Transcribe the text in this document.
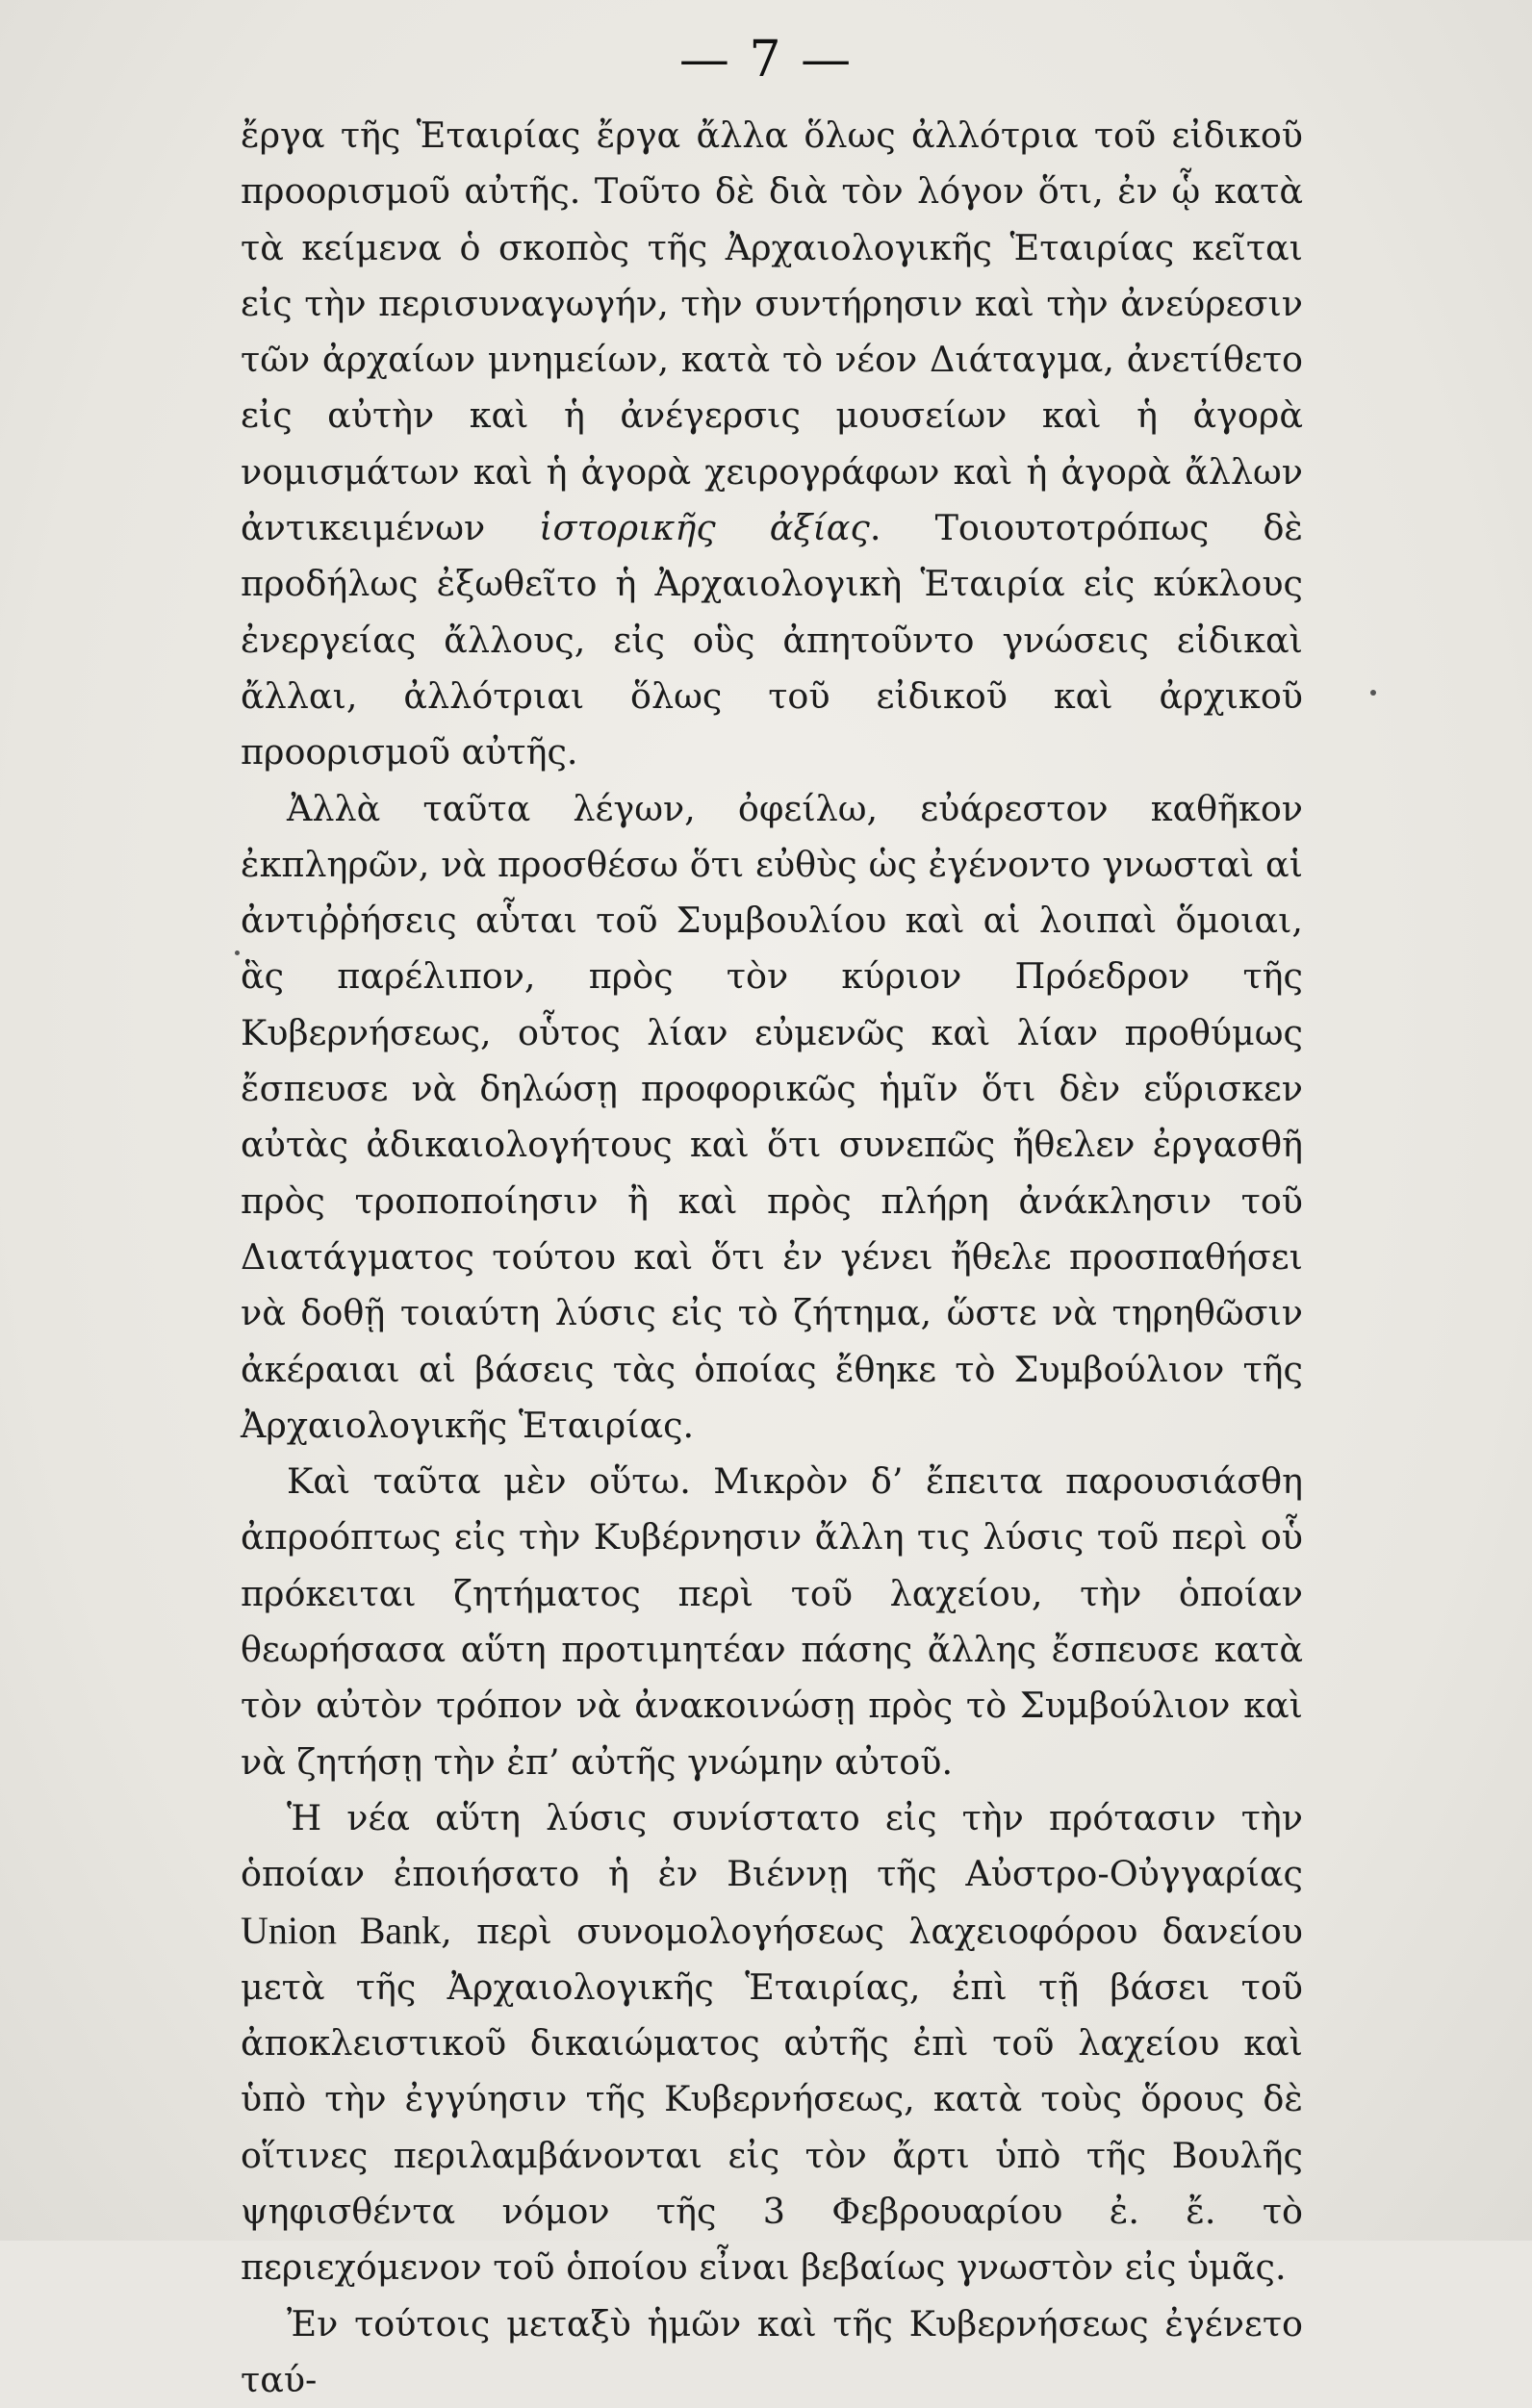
— 7 —

ἔργα τῆς Ἑταιρίας ἔργα ἄλλα ὅλως ἀλλότρια τοῦ εἰδικοῦ προορισμοῦ αὐτῆς. Τοῦτο δὲ διὰ τὸν λόγον ὅτι, ἐν ᾧ κατὰ τὰ κείμενα ὁ σκοπὸς τῆς Ἀρχαιολογικῆς Ἑταιρίας κεῖται εἰς τὴν περισυναγωγήν, τὴν συντήρησιν καὶ τὴν ἀνεύρεσιν τῶν ἀρχαίων μνημείων, κατὰ τὸ νέον Διάταγμα, ἀνετίθετο εἰς αὐτὴν καὶ ἡ ἀνέγερσις μουσείων καὶ ἡ ἀγορὰ νομισμάτων καὶ ἡ ἀγορὰ χειρογράφων καὶ ἡ ἀγορὰ ἄλλων ἀντικειμένων ἱστορικῆς ἀξίας. Τοιουτοτρόπως δὲ προδήλως ἐξωθεῖτο ἡ Ἀρχαιολογικὴ Ἑταιρία εἰς κύκλους ἐνεργείας ἄλλους, εἰς οὓς ἀπητοῦντο γνώσεις εἰδικαὶ ἄλλαι, ἀλλότριαι ὅλως τοῦ εἰδικοῦ καὶ ἀρχικοῦ προορισμοῦ αὐτῆς.

Ἀλλὰ ταῦτα λέγων, ὀφείλω, εὐάρεστον καθῆκον ἐκπληρῶν, νὰ προσθέσω ὅτι εὐθὺς ὡς ἐγένοντο γνωσταὶ αἱ ἀντιῤῥήσεις αὗται τοῦ Συμβουλίου καὶ αἱ λοιπαὶ ὅμοιαι, ἃς παρέλιπον, πρὸς τὸν κύριον Πρόεδρον τῆς Κυβερνήσεως, οὗτος λίαν εὐμενῶς καὶ λίαν προθύμως ἔσπευσε νὰ δηλώσῃ προφορικῶς ἡμῖν ὅτι δὲν εὕρισκεν αὐτὰς ἀδικαιολογήτους καὶ ὅτι συνεπῶς ἤθελεν ἐργασθῆ πρὸς τροποποίησιν ἢ καὶ πρὸς πλήρη ἀνάκλησιν τοῦ Διατάγματος τούτου καὶ ὅτι ἐν γένει ἤθελε προσπαθήσει νὰ δοθῇ τοιαύτη λύσις εἰς τὸ ζήτημα, ὥστε νὰ τηρηθῶσιν ἀκέραιαι αἱ βάσεις τὰς ὁποίας ἔθηκε τὸ Συμβούλιον τῆς Ἀρχαιολογικῆς Ἑταιρίας.

Καὶ ταῦτα μὲν οὕτω. Μικρὸν δ’ ἔπειτα παρουσιάσθη ἀπροόπτως εἰς τὴν Κυβέρνησιν ἄλλη τις λύσις τοῦ περὶ οὗ πρόκειται ζητήματος περὶ τοῦ λαχείου, τὴν ὁποίαν θεωρήσασα αὕτη προτιμητέαν πάσης ἄλλης ἔσπευσε κατὰ τὸν αὐτὸν τρόπον νὰ ἀνακοινώσῃ πρὸς τὸ Συμβούλιον καὶ νὰ ζητήσῃ τὴν ἐπ’ αὐτῆς γνώμην αὐτοῦ.

Ἡ νέα αὕτη λύσις συνίστατο εἰς τὴν πρότασιν τὴν ὁποίαν ἐποιήσατο ἡ ἐν Βιέννῃ τῆς Αὐστρο-Οὐγγαρίας Union Bank, περὶ συνομολογήσεως λαχειοφόρου δανείου μετὰ τῆς Ἀρχαιολογικῆς Ἑταιρίας, ἐπὶ τῇ βάσει τοῦ ἀποκλειστικοῦ δικαιώματος αὐτῆς ἐπὶ τοῦ λαχείου καὶ ὑπὸ τὴν ἐγγύησιν τῆς Κυβερνήσεως, κατὰ τοὺς ὅρους δὲ οἵτινες περιλαμβάνονται εἰς τὸν ἄρτι ὑπὸ τῆς Βουλῆς ψηφισθέντα νόμον τῆς 3 Φεβρουαρίου ἐ. ἔ. τὸ περιεχόμενον τοῦ ὁποίου εἶναι βεβαίως γνωστὸν εἰς ὑμᾶς.

Ἐν τούτοις μεταξὺ ἡμῶν καὶ τῆς Κυβερνήσεως ἐγένετο ταύ-
